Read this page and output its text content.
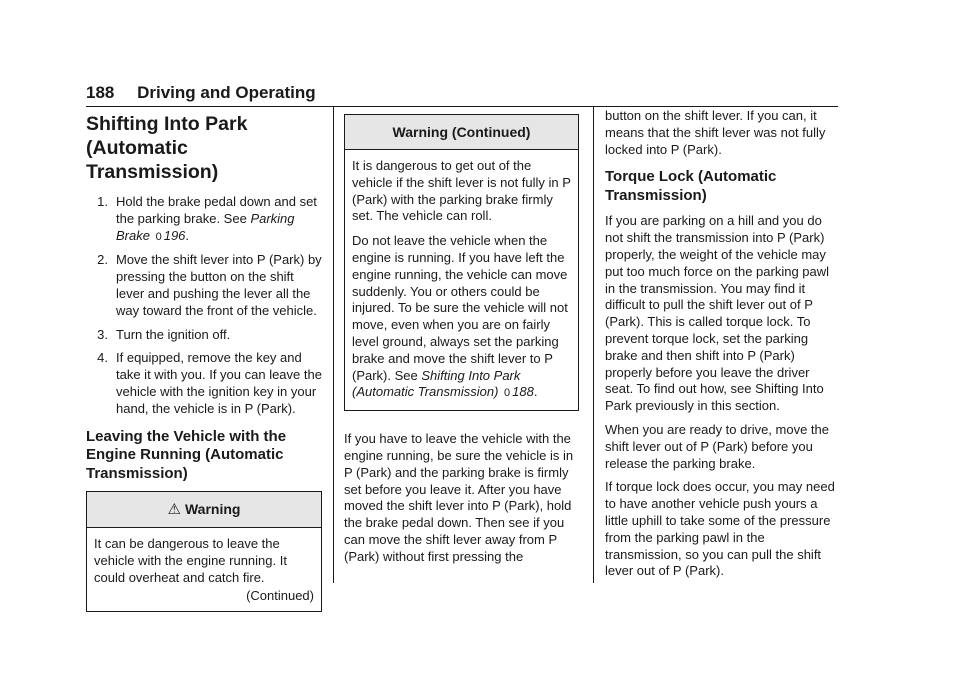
188 Driving and Operating
Shifting Into Park
(Automatic Transmission)
1. Hold the brake pedal down and set the parking brake. See Parking Brake 0 196.
2. Move the shift lever into P (Park) by pressing the button on the shift lever and pushing the lever all the way toward the front of the vehicle.
3. Turn the ignition off.
4. If equipped, remove the key and take it with you. If you can leave the vehicle with the ignition key in your hand, the vehicle is in P (Park).
Leaving the Vehicle with the Engine Running (Automatic Transmission)
⚠ Warning
It can be dangerous to leave the vehicle with the engine running. It could overheat and catch fire.
(Continued)
Warning (Continued)
It is dangerous to get out of the vehicle if the shift lever is not fully in P (Park) with the parking brake firmly set. The vehicle can roll.
Do not leave the vehicle when the engine is running. If you have left the engine running, the vehicle can move suddenly. You or others could be injured. To be sure the vehicle will not move, even when you are on fairly level ground, always set the parking brake and move the shift lever to P (Park). See Shifting Into Park (Automatic Transmission) 0 188.
If you have to leave the vehicle with the engine running, be sure the vehicle is in P (Park) and the parking brake is firmly set before you leave it. After you have moved the shift lever into P (Park), hold the brake pedal down. Then see if you can move the shift lever away from P (Park) without first pressing the
button on the shift lever. If you can, it means that the shift lever was not fully locked into P (Park).
Torque Lock (Automatic Transmission)
If you are parking on a hill and you do not shift the transmission into P (Park) properly, the weight of the vehicle may put too much force on the parking pawl in the transmission. You may find it difficult to pull the shift lever out of P (Park). This is called torque lock. To prevent torque lock, set the parking brake and then shift into P (Park) properly before you leave the driver seat. To find out how, see Shifting Into Park previously in this section.
When you are ready to drive, move the shift lever out of P (Park) before you release the parking brake.
If torque lock does occur, you may need to have another vehicle push yours a little uphill to take some of the pressure from the parking pawl in the transmission, so you can pull the shift lever out of P (Park).
